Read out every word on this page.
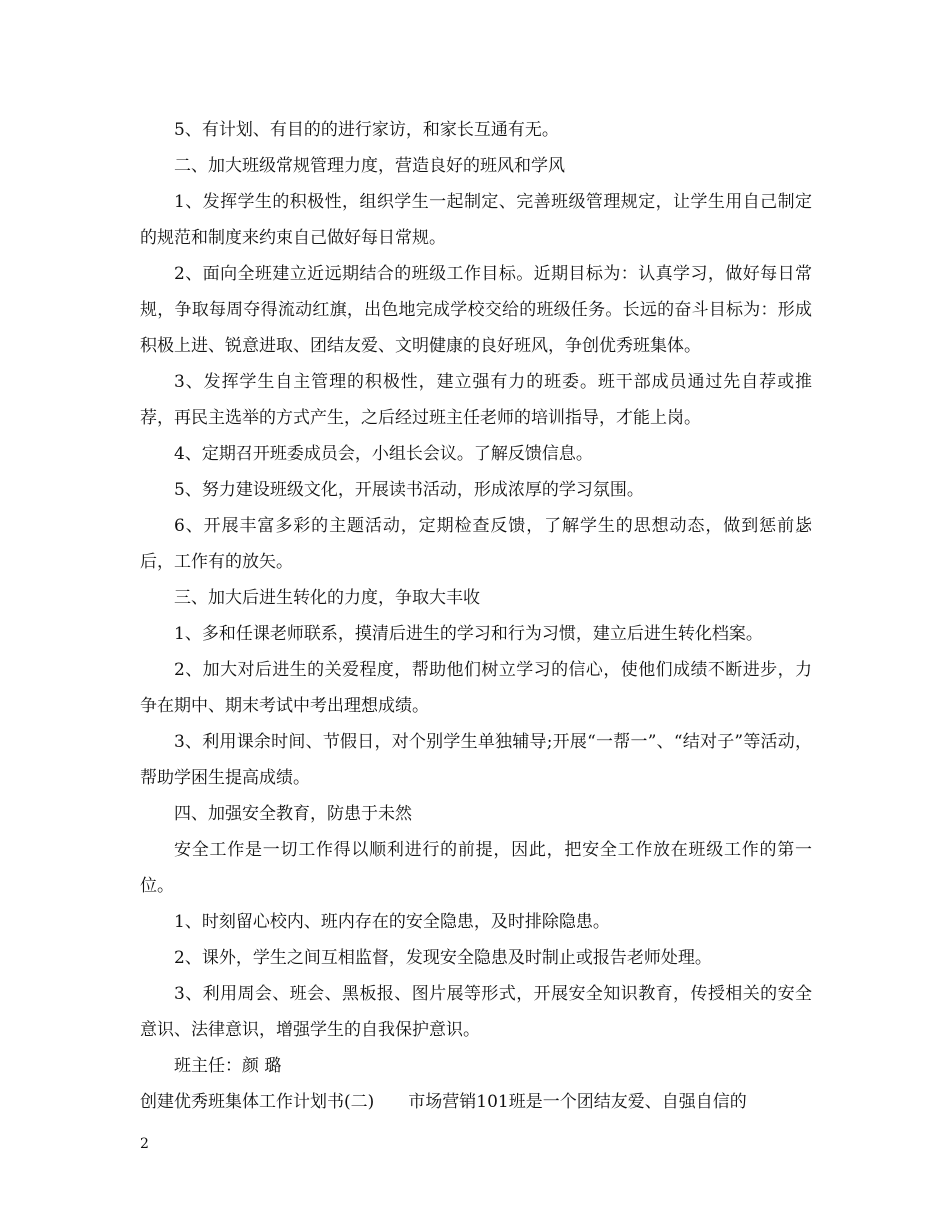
5、有计划、有目的的进行家访，和家长互通有无。

二、加大班级常规管理力度，营造良好的班风和学风

1、发挥学生的积极性，组织学生一起制定、完善班级管理规定，让学生用自己制定的规范和制度来约束自己做好每日常规。

2、面向全班建立近远期结合的班级工作目标。近期目标为：认真学习，做好每日常规，争取每周夺得流动红旗，出色地完成学校交给的班级任务。长远的奋斗目标为：形成积极上进、锐意进取、团结友爱、文明健康的良好班风，争创优秀班集体。

3、发挥学生自主管理的积极性，建立强有力的班委。班干部成员通过先自荐或推荐，再民主选举的方式产生，之后经过班主任老师的培训指导，才能上岗。

4、定期召开班委成员会，小组长会议。了解反馈信息。

5、努力建设班级文化，开展读书活动，形成浓厚的学习氛围。

6、开展丰富多彩的主题活动，定期检查反馈，了解学生的思想动态，做到惩前毖后，工作有的放矢。

三、加大后进生转化的力度，争取大丰收

1、多和任课老师联系，摸清后进生的学习和行为习惯，建立后进生转化档案。

2、加大对后进生的关爱程度，帮助他们树立学习的信心，使他们成绩不断进步，力争在期中、期末考试中考出理想成绩。

3、利用课余时间、节假日，对个别学生单独辅导;开展“一帮一”、“结对子”等活动，帮助学困生提高成绩。

四、加强安全教育，防患于未然

安全工作是一切工作得以顺利进行的前提，因此，把安全工作放在班级工作的第一位。

1、时刻留心校内、班内存在的安全隐患，及时排除隐患。

2、课外，学生之间互相监督，发现安全隐患及时制止或报告老师处理。

3、利用周会、班会、黑板报、图片展等形式，开展安全知识教育，传授相关的安全意识、法律意识，增强学生的自我保护意识。

班主任：颜 璐

创建优秀班集体工作计划书(二)　　市场营销101班是一个团结友爱、自强自信的

2
